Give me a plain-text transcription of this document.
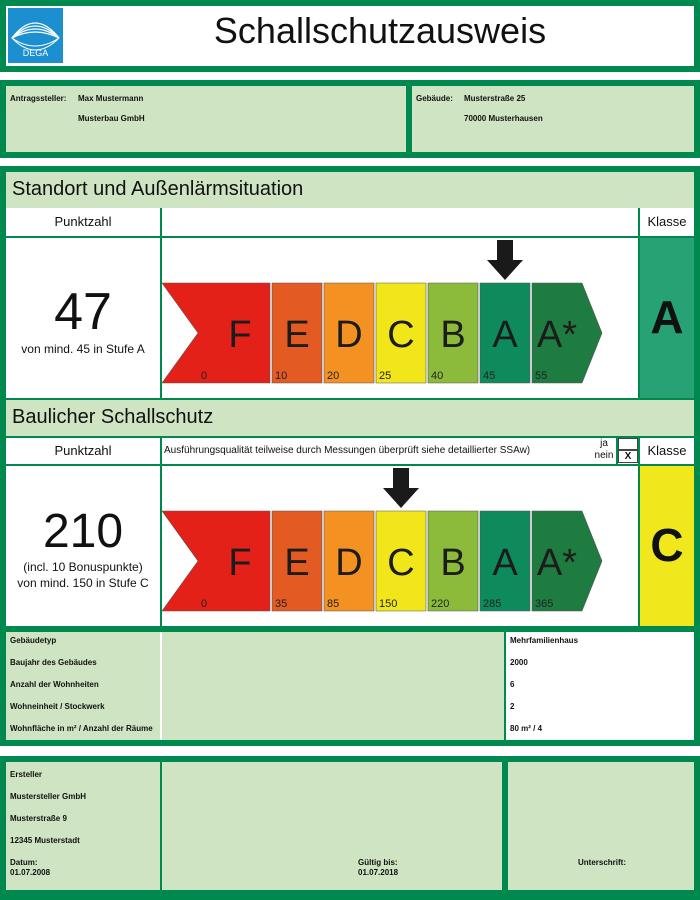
DEGA
Schallschutzausweis
Antragssteller: Max Mustermann
Musterbau GmbH
Gebäude: Musterstraße 25
70000 Musterhausen
Standort und Außenlärmsituation
Punktzahl	Klasse
47
von mind. 45 in Stufe A	F
0
E
10
D
20
C
25
B
40
A
45
A*
55
A
Baulicher Schallschutz
Punktzahl	Ausführungsqualität teilweise durch Messungen überprüft siehe detaillierter SSAw)
ja
nein	X	Klasse
210
(incl. 10 Bonuspunkte)
von mind. 150 in Stufe C F
0
E
35
D
85
C
150
B
220
A
285
A*
365
C
Gebäudetyp	Mehrfamilienhaus
Baujahr des Gebäudes	2000
Anzahl der Wohnheiten	6
Wohneinheit / Stockwerk	2
Wohnfläche in m² / Anzahl der Räume	80 m² / 4
Ersteller
Mustersteller GmbH
Musterstraße 9
12345 Musterstadt
Datum:
01.07.2008
Gültig bis:
01.07.2018
Unterschrift:
